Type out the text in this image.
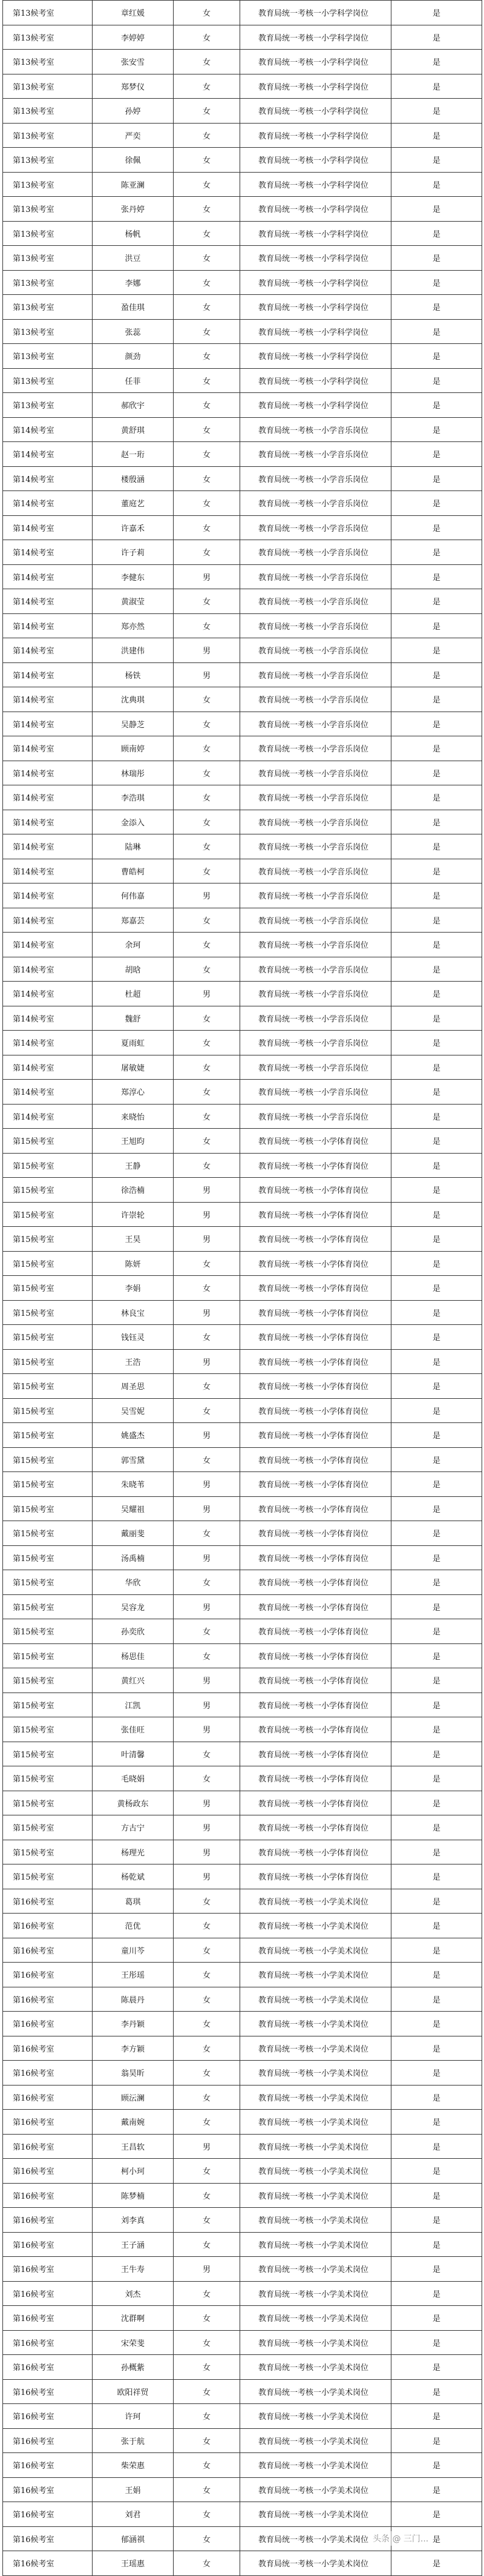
第13候考室	章红媛	女	教育局统一考核一小学科学岗位	是
第13候考室	李婷婷	女	教育局统一考核一小学科学岗位	是
第13候考室	张安雪	女	教育局统一考核一小学科学岗位	是
第13候考室	郑梦仪	女	教育局统一考核一小学科学岗位	是
第13候考室	孙婷	女	教育局统一考核一小学科学岗位	是
第13候考室	严奕	女	教育局统一考核一小学科学岗位	是
第13候考室	徐佩	女	教育局统一考核一小学科学岗位	是
第13候考室	陈亚澜	女	教育局统一考核一小学科学岗位	是
第13候考室	张丹婷	女	教育局统一考核一小学科学岗位	是
第13候考室	杨帆	女	教育局统一考核一小学科学岗位	是
第13候考室	洪豆	女	教育局统一考核一小学科学岗位	是
第13候考室	李娜	女	教育局统一考核一小学科学岗位	是
第13候考室	盈佳琪	女	教育局统一考核一小学科学岗位	是
第13候考室	张蕊	女	教育局统一考核一小学科学岗位	是
第13候考室	颜劲	女	教育局统一考核一小学科学岗位	是
第13候考室	任菲	女	教育局统一考核一小学科学岗位	是
第13候考室	郝欣宇	女	教育局统一考核一小学科学岗位	是
第14候考室	黄舒琪	女	教育局统一考核一小学音乐岗位	是
第14候考室	赵一珩	女	教育局统一考核一小学音乐岗位	是
第14候考室	楼殷涵	女	教育局统一考核一小学音乐岗位	是
第14候考室	董庭艺	女	教育局统一考核一小学音乐岗位	是
第14候考室	许嘉禾	女	教育局统一考核一小学音乐岗位	是
第14候考室	许子莉	女	教育局统一考核一小学音乐岗位	是
第14候考室	李健东	男	教育局统一考核一小学音乐岗位	是
第14候考室	黄淑莹	女	教育局统一考核一小学音乐岗位	是
第14候考室	郑亦然	女	教育局统一考核一小学音乐岗位	是
第14候考室	洪建伟	男	教育局统一考核一小学音乐岗位	是
第14候考室	杨铁	男	教育局统一考核一小学音乐岗位	是
第14候考室	沈典琪	女	教育局统一考核一小学音乐岗位	是
第14候考室	吴静芝	女	教育局统一考核一小学音乐岗位	是
第14候考室	顾南婷	女	教育局统一考核一小学音乐岗位	是
第14候考室	林瑞彤	女	教育局统一考核一小学音乐岗位	是
第14候考室	李浩琪	女	教育局统一考核一小学音乐岗位	是
第14候考室	金添入	女	教育局统一考核一小学音乐岗位	是
第14候考室	陆琳	女	教育局统一考核一小学音乐岗位	是
第14候考室	曹皓柯	女	教育局统一考核一小学音乐岗位	是
第14候考室	何伟嘉	男	教育局统一考核一小学音乐岗位	是
第14候考室	郑嘉芸	女	教育局统一考核一小学音乐岗位	是
第14候考室	余珂	女	教育局统一考核一小学音乐岗位	是
第14候考室	胡晗	女	教育局统一考核一小学音乐岗位	是
第14候考室	杜超	男	教育局统一考核一小学音乐岗位	是
第14候考室	魏舒	女	教育局统一考核一小学音乐岗位	是
第14候考室	夏雨虹	女	教育局统一考核一小学音乐岗位	是
第14候考室	屠敏婕	女	教育局统一考核一小学音乐岗位	是
第14候考室	郑淳心	女	教育局统一考核一小学音乐岗位	是
第14候考室	来晓怡	女	教育局统一考核一小学音乐岗位	是
第15候考室	王旭昀	女	教育局统一考核一小学体育岗位	是
第15候考室	王静	女	教育局统一考核一小学体育岗位	是
第15候考室	徐浩楠	男	教育局统一考核一小学体育岗位	是
第15候考室	许崇轮	男	教育局统一考核一小学体育岗位	是
第15候考室	王昊	男	教育局统一考核一小学体育岗位	是
第15候考室	陈妍	女	教育局统一考核一小学体育岗位	是
第15候考室	李娟	女	教育局统一考核一小学体育岗位	是
第15候考室	林良宝	男	教育局统一考核一小学体育岗位	是
第15候考室	钱钰灵	女	教育局统一考核一小学体育岗位	是
第15候考室	王浩	男	教育局统一考核一小学体育岗位	是
第15候考室	周圣思	女	教育局统一考核一小学体育岗位	是
第15候考室	吴雪妮	女	教育局统一考核一小学体育岗位	是
第15候考室	姚盛杰	男	教育局统一考核一小学体育岗位	是
第15候考室	郭雪黛	女	教育局统一考核一小学体育岗位	是
第15候考室	朱晓苇	男	教育局统一考核一小学体育岗位	是
第15候考室	吴耀祖	男	教育局统一考核一小学体育岗位	是
第15候考室	戴丽斐	女	教育局统一考核一小学体育岗位	是
第15候考室	汤禹楠	男	教育局统一考核一小学体育岗位	是
第15候考室	华欣	女	教育局统一考核一小学体育岗位	是
第15候考室	吴容龙	男	教育局统一考核一小学体育岗位	是
第15候考室	孙奕欣	女	教育局统一考核一小学体育岗位	是
第15候考室	杨思佳	女	教育局统一考核一小学体育岗位	是
第15候考室	黄红兴	男	教育局统一考核一小学体育岗位	是
第15候考室	江凯	男	教育局统一考核一小学体育岗位	是
第15候考室	张佳旺	男	教育局统一考核一小学体育岗位	是
第15候考室	叶清馨	女	教育局统一考核一小学体育岗位	是
第15候考室	毛晓娟	女	教育局统一考核一小学体育岗位	是
第15候考室	黄杨政东	男	教育局统一考核一小学体育岗位	是
第15候考室	方古宁	男	教育局统一考核一小学体育岗位	是
第15候考室	杨理光	男	教育局统一考核一小学体育岗位	是
第15候考室	杨乾斌	男	教育局统一考核一小学体育岗位	是
第16候考室	葛琪	女	教育局统一考核一小学美术岗位	是
第16候考室	范优	女	教育局统一考核一小学美术岗位	是
第16候考室	童川芩	女	教育局统一考核一小学美术岗位	是
第16候考室	王彤瑶	女	教育局统一考核一小学美术岗位	是
第16候考室	陈晨丹	女	教育局统一考核一小学美术岗位	是
第16候考室	李丹颖	女	教育局统一考核一小学美术岗位	是
第16候考室	李方颖	女	教育局统一考核一小学美术岗位	是
第16候考室	翁昊昕	女	教育局统一考核一小学美术岗位	是
第16候考室	顾沄澜	女	教育局统一考核一小学美术岗位	是
第16候考室	戴南婉	女	教育局统一考核一小学美术岗位	是
第16候考室	王昌软	男	教育局统一考核一小学美术岗位	是
第16候考室	柯小珂	女	教育局统一考核一小学美术岗位	是
第16候考室	陈梦楠	女	教育局统一考核一小学美术岗位	是
第16候考室	刘李真	女	教育局统一考核一小学美术岗位	是
第16候考室	王子涵	女	教育局统一考核一小学美术岗位	是
第16候考室	王牛寿	男	教育局统一考核一小学美术岗位	是
第16候考室	刘杰	女	教育局统一考核一小学美术岗位	是
第16候考室	沈群啊	女	教育局统一考核一小学美术岗位	是
第16候考室	宋荣斐	女	教育局统一考核一小学美术岗位	是
第16候考室	孙概紫	女	教育局统一考核一小学美术岗位	是
第16候考室	欧阳祥贸	女	教育局统一考核一小学美术岗位	是
第16候考室	许珂	女	教育局统一考核一小学美术岗位	是
第16候考室	张于航	女	教育局统一考核一小学美术岗位	是
第16候考室	柴荣惠	女	教育局统一考核一小学美术岗位	是
第16候考室	王娟	女	教育局统一考核一小学美术岗位	是
第16候考室	刘君	女	教育局统一考核一小学美术岗位	是
第16候考室	郁涵祺	女	教育局统一考核一小学美术岗位	是
第16候考室	王瑶惠	女	教育局统一考核一小学美术岗位	是
头条 @ 三门...
